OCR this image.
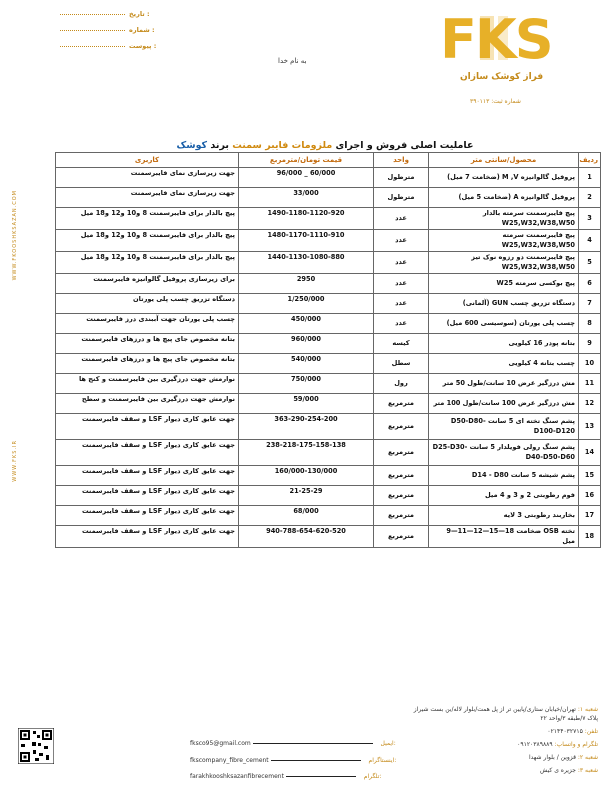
تاریخ :
شماره :
پیوست :
به نام خدا FKS
فراز کوشک سازان
شماره ثبت: ۳۹۰۱۱۳
WWW.FKOOSHKSAZAN.COM
WWW.FKS.IR
عاملیت اصلی فروش و اجرای ملزومات فایبر سمنت برند کوشک
ردیف	محصول/سانتی متر	واحد	قیمت تومان/مترمربع	کاربری
1	پروفیل گالوانیزه M ,V (ضخامت 7 میل)	مترطول	60/000 _ 96/000	جهت زیرسازی نمای فایبرسمنت
2	پروفیل گالوانیزه A (ضخامت 5 میل)	مترطول	33/000	جهت زیرسازی نمای فایبرسمنت
3	پیچ فایبرسمنت سرمته بالدار W25,W32,W38,W50	عدد	1490-1180-1120-920	پیچ بالدار برای فایبرسمنت 8 و10 و12 و18 میل
4	پیچ فایبرسمنت سرمته W25,W32,W38,W50	عدد	1480-1170-1110-910	پیچ بالدار برای فایبرسمنت 8 و10 و12 و18 میل
5	پیچ فایبرسمنت دو رزوه نوک تیز W25,W32,W38,W50	عدد	1440-1130-1080-880	پیچ بالدار برای فایبرسمنت 8 و10 و12 و18 میل
6	پیچ بوکسی سرمته W25	عدد	2950	برای زیرسازی پروفیل گالوانیزه فایبرسمنت
7	دستگاه تزریق چسب GUN (آلمانی)	عدد	1/250/000	دستگاه تزریق چسب پلی یورتان
8	چسب پلی یورتان (سوسیسی 600 میل)	عدد	450/000	چسب پلی یورتان جهت آببندی درز فایبرسمنت
9	بتانه پودر 16 کیلویی	کیسه	960/000	بتانه مخصوص جای پیچ ها و درزهای فایبرسمنت
10	چسب بتانه 4 کیلویی	سطل	540/000	بتانه مخصوص جای پیچ ها و درزهای فایبرسمنت
11	مش درزگیر عرض 10 سانت/طول 50 متر	رول	750/000	نوارمش جهت درزگیری بین فایبرسمنت و کنج ها
12	مش درزگیر عرض 100 سانت/طول 100 متر	مترمربع	59/000	نوارمش جهت درزگیری بین فایبرسمنت و سطح
13	پشم سنگ تخته ای 5 سانت D50-D80-D100-D120	مترمربع	363-290-254-200	جهت عایق کاری دیوار LSF و سقف فایبرسمنت
14	پشم سنگ رولی فویلدار 5 سانت D25-D30-D40-D50-D60	مترمربع	238-218-175-158-138	جهت عایق کاری دیوار LSF و سقف فایبرسمنت
15	پشم شیشه 5 سانت D14 - D80	مترمربع	160/000-130/000	جهت عایق کاری دیوار LSF و سقف فایبرسمنت
16	فوم رطوبتی 2 و 3 و 4 میل	مترمربع	21-25-29	جهت عایق کاری دیوار LSF و سقف فایبرسمنت
17	بخاربند رطوبتی 3 لایه	مترمربع	68/000	جهت عایق کاری دیوار LSF و سقف فایبرسمنت
18	تخته OSB ضخامت 18—15—12—11—9 میل	مترمربع	940-788-654-620-520	جهت عایق کاری دیوار LSF و سقف فایبرسمنت
شعبه ۱: تهران/خیابان ستاری/پایین تر از پل همت/بلوار لاله/بن بست شیراز
پلاک ۷/طبقه ۳/واحد ۲۲
تلفن: ۰۲۱۴۴۰۳۲۷۱۵
تلگرام و واتساپ: ۰۹۱۲۰۳۸۹۸۸۹
شعبه ۲: قزوین / بلوار شهدا
شعبه ۳: جزیره ی کیش
fksco95@gmail.com	ایمیل:
fkscompany_fibre_cement	اینستاگرام:
farakhkooshksazanfibrecement	تلگرام:
